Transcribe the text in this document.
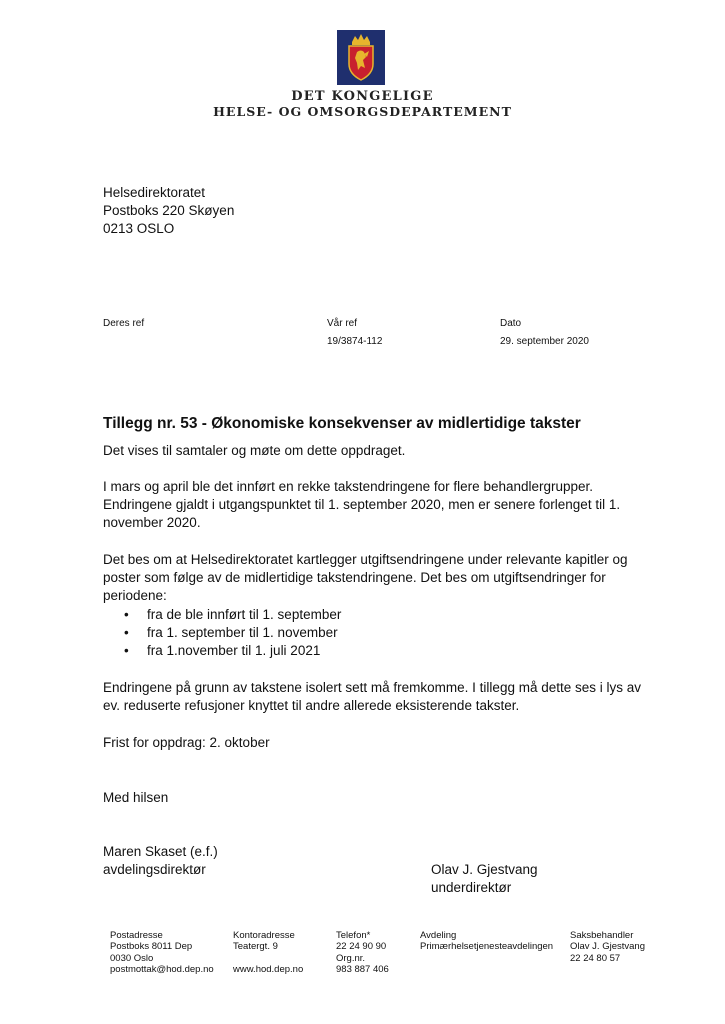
DET KONGELIGE
HELSE- OG OMSORGSDEPARTEMENT
Helsedirektoratet
Postboks 220 Skøyen
0213 OSLO
Deres ref	Vår ref
19/3874-112
Dato
29. september 2020
Tillegg nr. 53 - Økonomiske konsekvenser av midlertidige takster

Det vises til samtaler og møte om dette oppdraget.

I mars og april ble det innført en rekke takstendringene for flere behandlergrupper. Endringene gjaldt i utgangspunktet til 1. september 2020, men er senere forlenget til 1. november 2020.

Det bes om at Helsedirektoratet kartlegger utgiftsendringene under relevante kapitler og poster som følge av de midlertidige takstendringene. Det bes om utgiftsendringer for periodene:

• fra de ble innført til 1. september
• fra 1. september til 1. november
• fra 1.november til 1. juli 2021

Endringene på grunn av takstene isolert sett må fremkomme. I tillegg må dette ses i lys av ev. reduserte refusjoner knyttet til andre allerede eksisterende takster.

Frist for oppdrag: 2. oktober
Med hilsen
Maren Skaset (e.f.)
avdelingsdirektør	Olav J. Gjestvang
underdirektør
Postadresse
Postboks 8011 Dep
0030 Oslo
postmottak@hod.dep.no
Kontoradresse
Teatergt. 9

www.hod.dep.no
Telefon*
22 24 90 90
Org.nr.
983 887 406
Avdeling
Primærhelsetjenesteavdelingen
Saksbehandler
Olav J. Gjestvang
22 24 80 57
